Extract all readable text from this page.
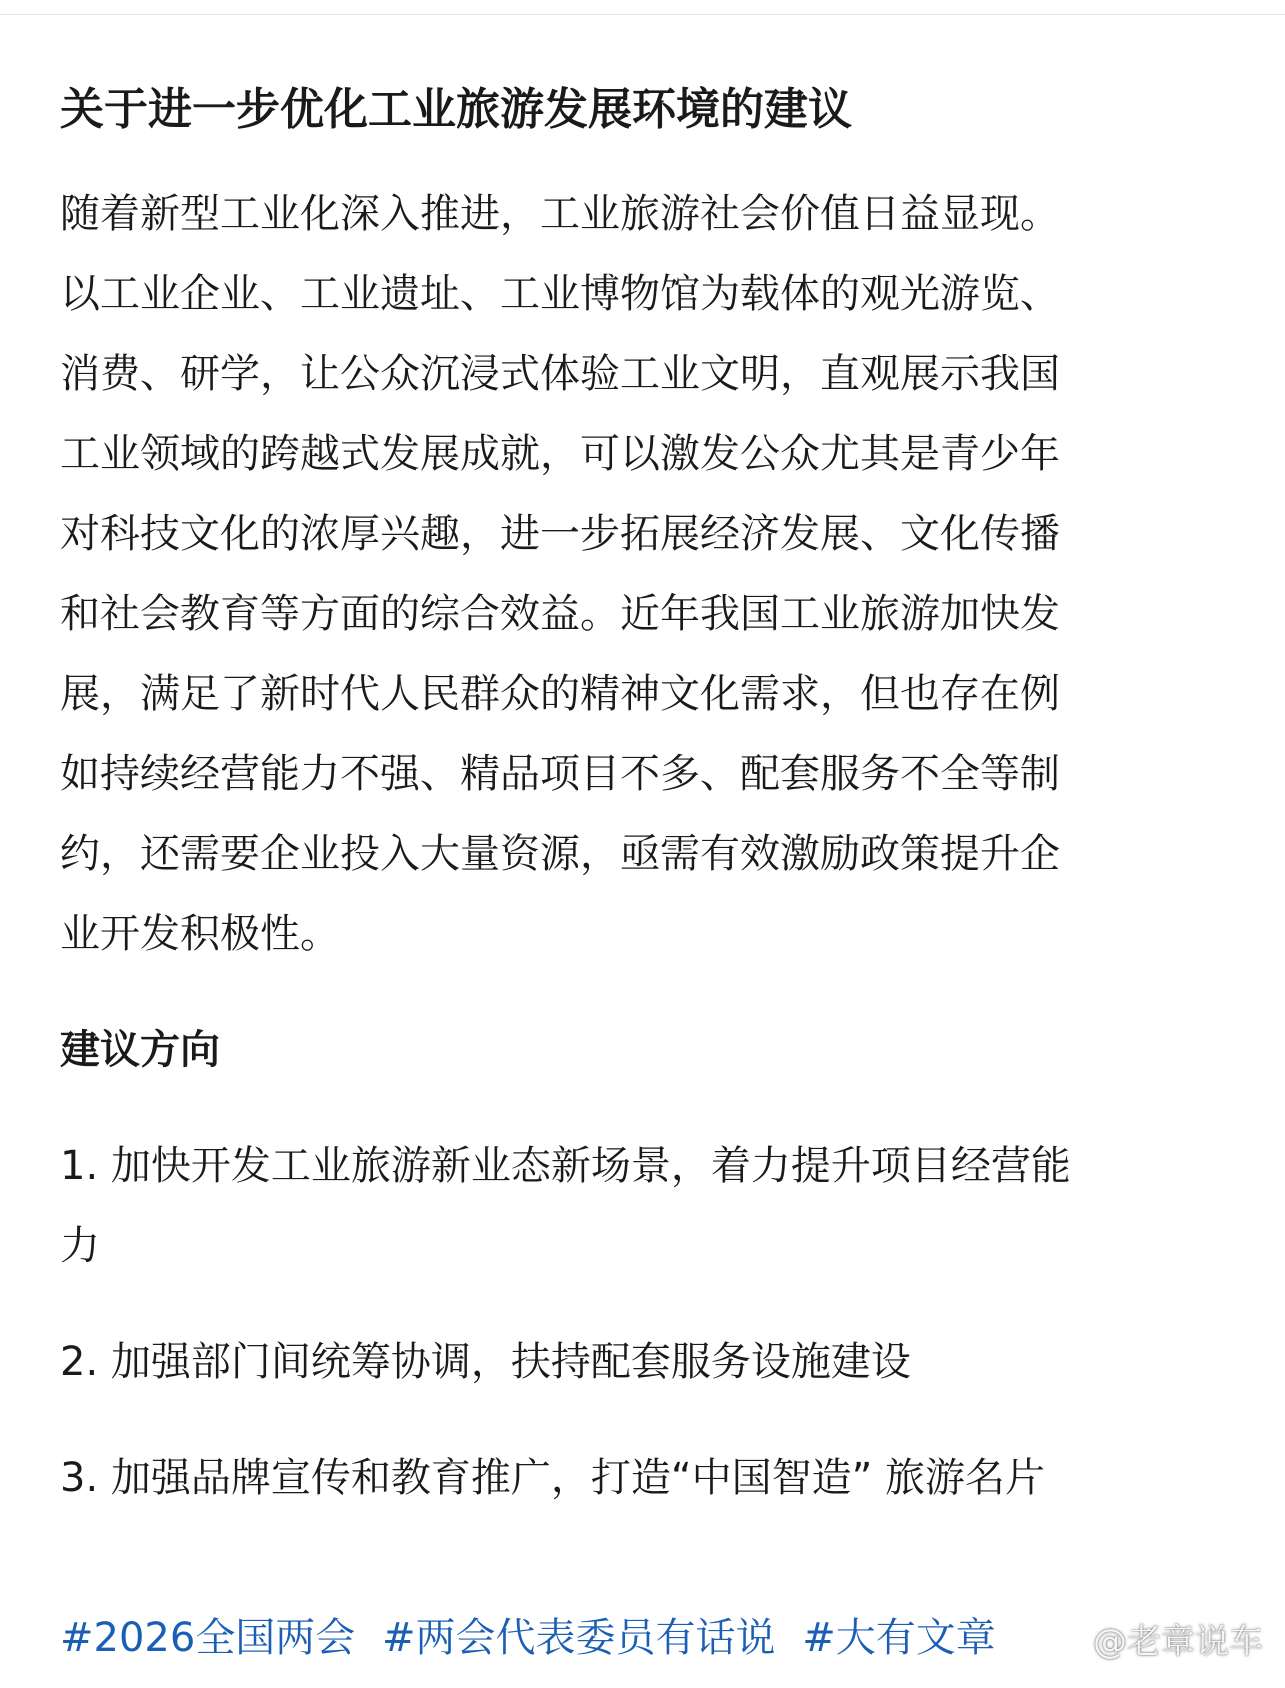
关于进一步优化工业旅游发展环境的建议
随着新型工业化深入推进，工业旅游社会价值日益显现。
以工业企业、工业遗址、工业博物馆为载体的观光游览、
消费、研学，让公众沉浸式体验工业文明，直观展示我国
工业领域的跨越式发展成就，可以激发公众尤其是青少年
对科技文化的浓厚兴趣，进一步拓展经济发展、文化传播
和社会教育等方面的综合效益。近年我国工业旅游加快发
展，满足了新时代人民群众的精神文化需求，但也存在例
如持续经营能力不强、精品项目不多、配套服务不全等制
约，还需要企业投入大量资源，亟需有效激励政策提升企
业开发积极性。
建议方向
1. 加快开发工业旅游新业态新场景，着力提升项目经营能
力
2. 加强部门间统筹协调，扶持配套服务设施建设
3. 加强品牌宣传和教育推广，打造“中国智造” 旅游名片
#2026全国两会 #两会代表委员有话说 #大有文章	@老章说车
